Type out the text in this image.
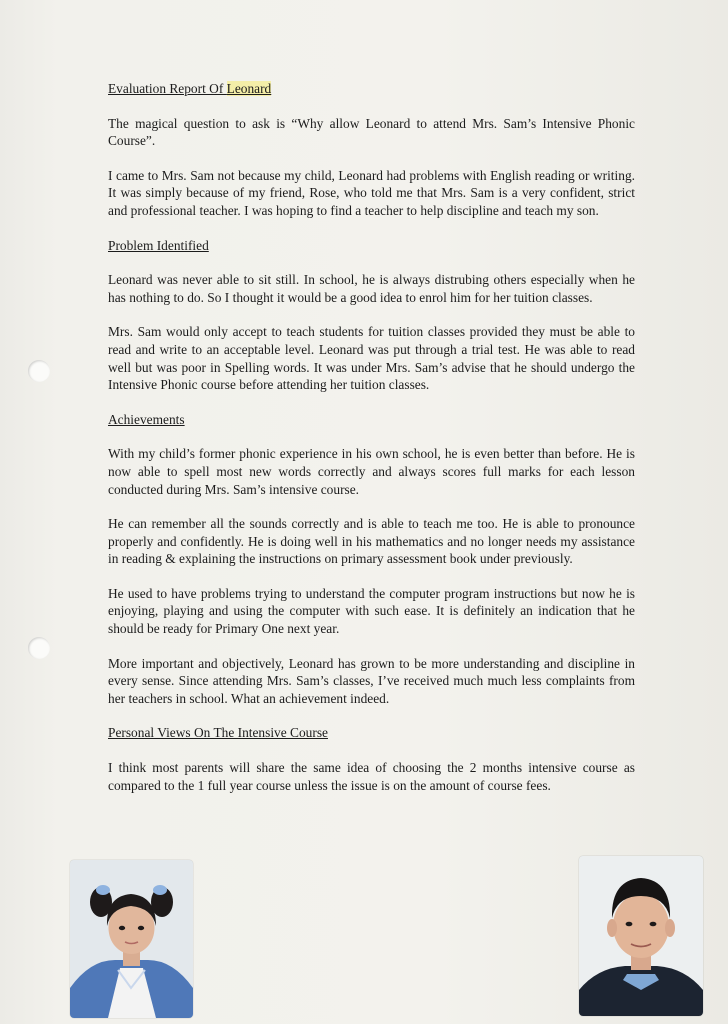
Evaluation Report Of Leonard

The magical question to ask is “Why allow Leonard to attend Mrs. Sam’s Intensive Phonic Course”.

I came to Mrs. Sam not because my child, Leonard had problems with English reading or writing. It was simply because of my friend, Rose, who told me that Mrs. Sam is a very confident, strict and professional teacher. I was hoping to find a teacher to help discipline and teach my son.

Problem Identified

Leonard was never able to sit still. In school, he is always distrubing others especially when he has nothing to do. So I thought it would be a good idea to enrol him for her tuition classes.

Mrs. Sam would only accept to teach students for tuition classes provided they must be able to read and write to an acceptable level. Leonard was put through a trial test. He was able to read well but was poor in Spelling words. It was under Mrs. Sam’s advise that he should undergo the Intensive Phonic course before attending her tuition classes.

Achievements

With my child’s former phonic experience in his own school, he is even better than before. He is now able to spell most new words correctly and always scores full marks for each lesson conducted during Mrs. Sam’s intensive course.

He can remember all the sounds correctly and is able to teach me too. He is able to pronounce properly and confidently. He is doing well in his mathematics and no longer needs my assistance in reading & explaining the instructions on primary assessment book under previously.

He used to have problems trying to understand the computer program instructions but now he is enjoying, playing and using the computer with such ease. It is definitely an indication that he should be ready for Primary One next year.

More important and objectively, Leonard has grown to be more understanding and discipline in every sense. Since attending Mrs. Sam’s classes, I’ve received much much less complaints from her teachers in school. What an achievement indeed.

Personal Views On The Intensive Course

I think most parents will share the same idea of choosing the 2 months intensive course as compared to the 1 full year course unless the issue is on the amount of course fees.
